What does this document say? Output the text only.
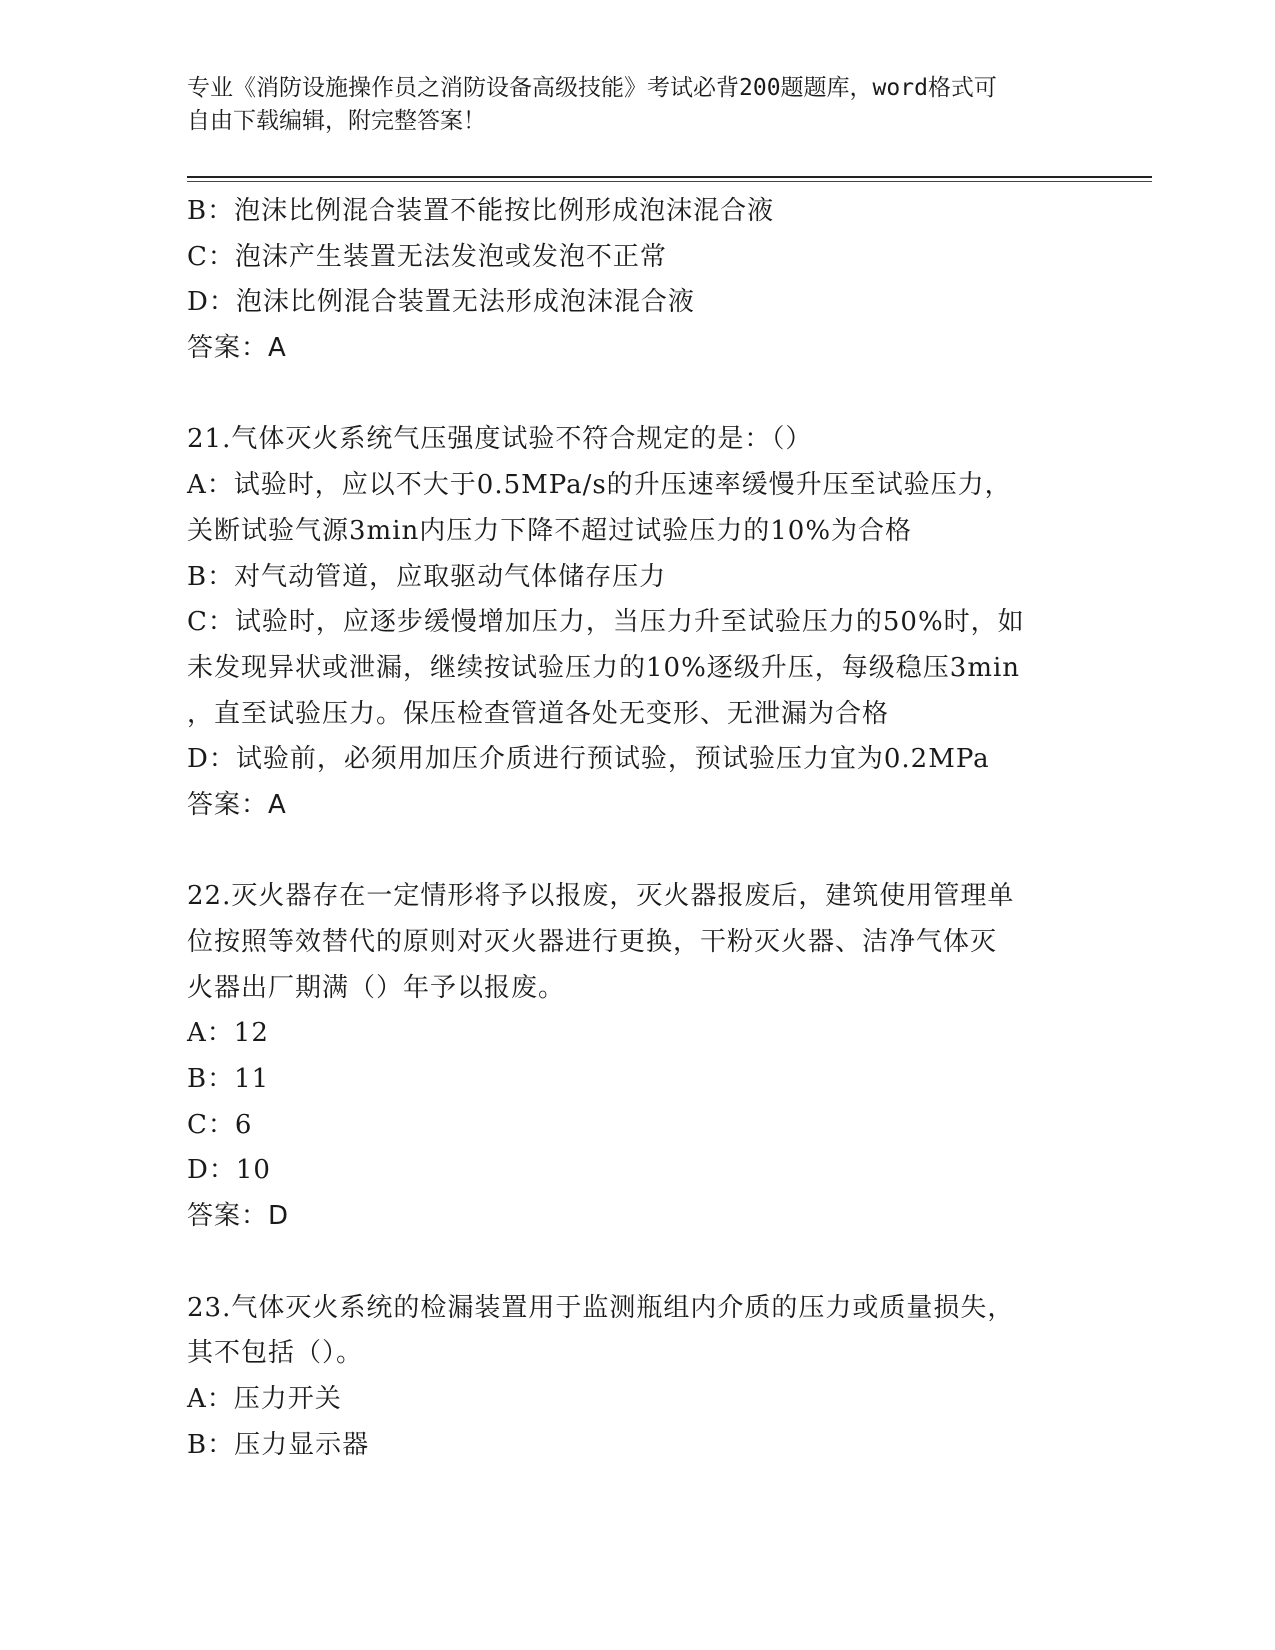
专业《消防设施操作员之消防设备高级技能》考试必背200题题库，word格式可
自由下载编辑，附完整答案！
B：泡沫比例混合装置不能按比例形成泡沫混合液
C：泡沫产生装置无法发泡或发泡不正常
D：泡沫比例混合装置无法形成泡沫混合液
答案：A
21.气体灭火系统气压强度试验不符合规定的是：（）
A：试验时，应以不大于0.5MPa/s的升压速率缓慢升压至试验压力，
关断试验气源3min内压力下降不超过试验压力的10%为合格
B：对气动管道，应取驱动气体储存压力
C：试验时，应逐步缓慢增加压力，当压力升至试验压力的50%时，如
未发现异状或泄漏，继续按试验压力的10%逐级升压，每级稳压3min
，直至试验压力。保压检查管道各处无变形、无泄漏为合格
D：试验前，必须用加压介质进行预试验，预试验压力宜为0.2MPa
答案：A
22.灭火器存在一定情形将予以报废，灭火器报废后，建筑使用管理单
位按照等效替代的原则对灭火器进行更换，干粉灭火器、洁净气体灭
火器出厂期满（）年予以报废。
A：12
B：11
C：6
D：10
答案：D
23.气体灭火系统的检漏装置用于监测瓶组内介质的压力或质量损失，
其不包括（）。
A：压力开关
B：压力显示器
